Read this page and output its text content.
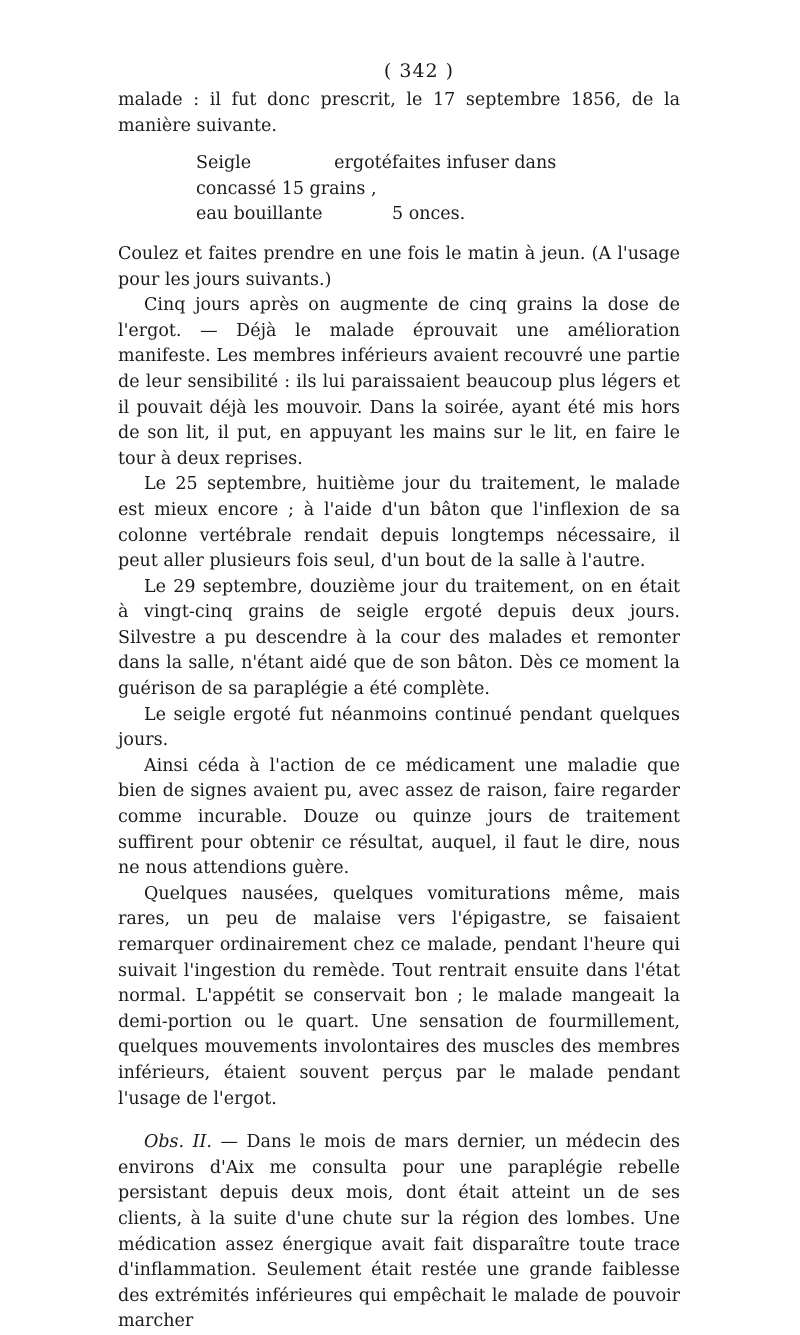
( 342 )

malade : il fut donc prescrit, le 17 septembre 1856, de la manière suivante.

Seigle ergoté concassé 15 grains ,
faites infuser dans
eau bouillante	5 onces.

Coulez et faites prendre en une fois le matin à jeun. (A l'usage pour les jours suivants.)

Cinq jours après on augmente de cinq grains la dose de l'ergot. — Déjà le malade éprouvait une amélioration manifeste. Les membres inférieurs avaient recouvré une partie de leur sensibilité : ils lui paraissaient beaucoup plus légers et il pouvait déjà les mouvoir. Dans la soirée, ayant été mis hors de son lit, il put, en appuyant les mains sur le lit, en faire le tour à deux reprises.

Le 25 septembre, huitième jour du traitement, le malade est mieux encore ; à l'aide d'un bâton que l'inflexion de sa colonne vertébrale rendait depuis longtemps nécessaire, il peut aller plusieurs fois seul, d'un bout de la salle à l'autre.

Le 29 septembre, douzième jour du traitement, on en était à vingt-cinq grains de seigle ergoté depuis deux jours. Silvestre a pu descendre à la cour des malades et remonter dans la salle, n'étant aidé que de son bâton. Dès ce moment la guérison de sa paraplégie a été complète.

Le seigle ergoté fut néanmoins continué pendant quelques jours.

Ainsi céda à l'action de ce médicament une maladie que bien de signes avaient pu, avec assez de raison, faire regarder comme incurable. Douze ou quinze jours de traitement suffirent pour obtenir ce résultat, auquel, il faut le dire, nous ne nous attendions guère.

Quelques nausées, quelques vomiturations même, mais rares, un peu de malaise vers l'épigastre, se faisaient remarquer ordinairement chez ce malade, pendant l'heure qui suivait l'ingestion du remède. Tout rentrait ensuite dans l'état normal. L'appétit se conservait bon ; le malade mangeait la demi-portion ou le quart. Une sensation de fourmillement, quelques mouvements involontaires des muscles des membres inférieurs, étaient souvent perçus par le malade pendant l'usage de l'ergot.

Obs. II. — Dans le mois de mars dernier, un médecin des environs d'Aix me consulta pour une paraplégie rebelle persistant depuis deux mois, dont était atteint un de ses clients, à la suite d'une chute sur la région des lombes. Une médication assez énergique avait fait disparaître toute trace d'inflammation. Seulement était restée une grande faiblesse des extrémités inférieures qui empêchait le malade de pouvoir marcher
